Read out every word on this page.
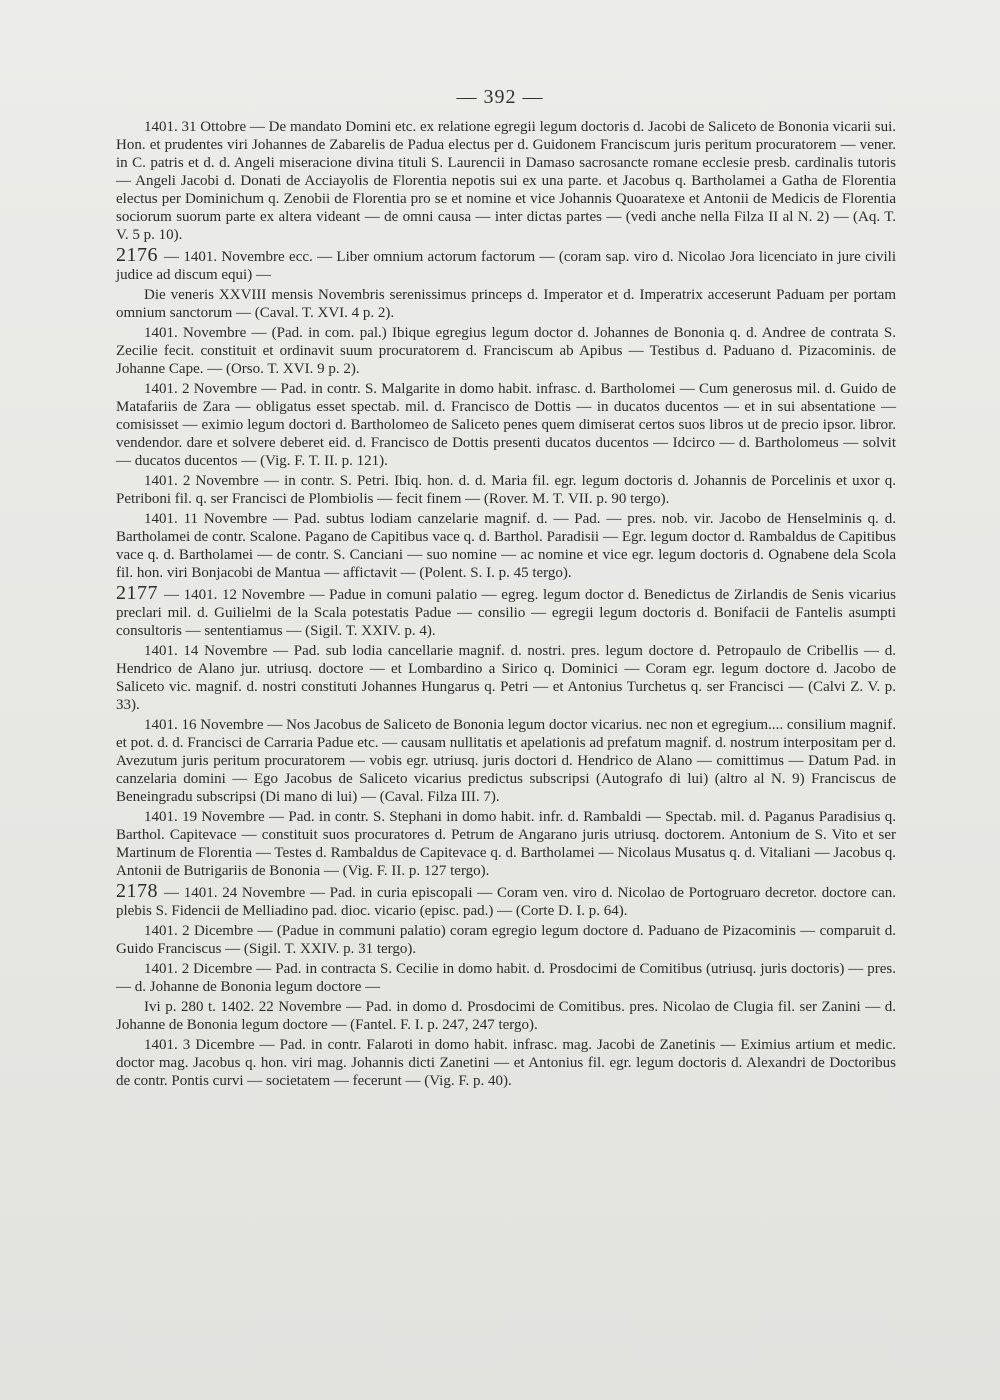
— 392 —

1401. 31 Ottobre — De mandato Domini etc. ex relatione egregii legum doctoris d. Jacobi de Saliceto de Bononia vicarii sui. Hon. et prudentes viri Johannes de Zabarelis de Padua electus per d. Guidonem Franciscum juris peritum procuratorem — vener. in C. patris et d. d. Angeli miseracione divina tituli S. Laurencii in Damaso sacrosancte romane ecclesie presb. cardinalis tutoris — Angeli Jacobi d. Donati de Acciayolis de Florentia nepotis sui ex una parte. et Jacobus q. Bartholamei a Gatha de Florentia electus per Dominichum q. Zenobii de Florentia pro se et nomine et vice Johannis Quoaratexe et Antonii de Medicis de Florentia sociorum suorum parte ex altera videant — de omni causa — inter dictas partes — (vedi anche nella Filza II al N. 2) — (Aq. T. V. 5 p. 10).

2176 — 1401. Novembre ecc. — Liber omnium actorum factorum — (coram sap. viro d. Nicolao Jora licenciato in jure civili judice ad discum equi) —

Die veneris XXVIII mensis Novembris serenissimus princeps d. Imperator et d. Imperatrix acceserunt Paduam per portam omnium sanctorum — (Caval. T. XVI. 4 p. 2).

1401. Novembre — (Pad. in com. pal.) Ibique egregius legum doctor d. Johannes de Bononia q. d. Andree de contrata S. Zecilie fecit. constituit et ordinavit suum procuratorem d. Franciscum ab Apibus — Testibus d. Paduano d. Pizacominis. de Johanne Cape. — (Orso. T. XVI. 9 p. 2).

1401. 2 Novembre — Pad. in contr. S. Malgarite in domo habit. infrasc. d. Bartholomei — Cum generosus mil. d. Guido de Matafariis de Zara — obligatus esset spectab. mil. d. Francisco de Dottis — in ducatos ducentos — et in sui absentatione — comisisset — eximio legum doctori d. Bartholomeo de Saliceto penes quem dimiserat certos suos libros ut de precio ipsor. libror. vendendor. dare et solvere deberet eid. d. Francisco de Dottis presenti ducatos ducentos — Idcirco — d. Bartholomeus — solvit — ducatos ducentos — (Vig. F. T. II. p. 121).

1401. 2 Novembre — in contr. S. Petri. Ibiq. hon. d. d. Maria fil. egr. legum doctoris d. Johannis de Porcelinis et uxor q. Petriboni fil. q. ser Francisci de Plombiolis — fecit finem — (Rover. M. T. VII. p. 90 tergo).

1401. 11 Novembre — Pad. subtus lodiam canzelarie magnif. d. — Pad. — pres. nob. vir. Jacobo de Henselminis q. d. Bartholamei de contr. Scalone. Pagano de Capitibus vace q. d. Barthol. Paradisii — Egr. legum doctor d. Rambaldus de Capitibus vace q. d. Bartholamei — de contr. S. Canciani — suo nomine — ac nomine et vice egr. legum doctoris d. Ognabene dela Scola fil. hon. viri Bonjacobi de Mantua — affictavit — (Polent. S. I. p. 45 tergo).

2177 — 1401. 12 Novembre — Padue in comuni palatio — egreg. legum doctor d. Benedictus de Zirlandis de Senis vicarius preclari mil. d. Guilielmi de la Scala potestatis Padue — consilio — egregii legum doctoris d. Bonifacii de Fantelis asumpti consultoris — sententiamus — (Sigil. T. XXIV. p. 4).

1401. 14 Novembre — Pad. sub lodia cancellarie magnif. d. nostri. pres. legum doctore d. Petropaulo de Cribellis — d. Hendrico de Alano jur. utriusq. doctore — et Lombardino a Sirico q. Dominici — Coram egr. legum doctore d. Jacobo de Saliceto vic. magnif. d. nostri constituti Johannes Hungarus q. Petri — et Antonius Turchetus q. ser Francisci — (Calvi Z. V. p. 33).

1401. 16 Novembre — Nos Jacobus de Saliceto de Bononia legum doctor vicarius. nec non et egregium.... consilium magnif. et pot. d. d. Francisci de Carraria Padue etc. — causam nullitatis et apelationis ad prefatum magnif. d. nostrum interpositam per d. Avezutum juris peritum procuratorem — vobis egr. utriusq. juris doctori d. Hendrico de Alano — comittimus — Datum Pad. in canzelaria domini — Ego Jacobus de Saliceto vicarius predictus subscripsi (Autografo di lui) (altro al N. 9) Franciscus de Beneingradu subscripsi (Di mano di lui) — (Caval. Filza III. 7).

1401. 19 Novembre — Pad. in contr. S. Stephani in domo habit. infr. d. Rambaldi — Spectab. mil. d. Paganus Paradisius q. Barthol. Capitevace — constituit suos procuratores d. Petrum de Angarano juris utriusq. doctorem. Antonium de S. Vito et ser Martinum de Florentia — Testes d. Rambaldus de Capitevace q. d. Bartholamei — Nicolaus Musatus q. d. Vitaliani — Jacobus q. Antonii de Butrigariis de Bononia — (Vig. F. II. p. 127 tergo).

2178 — 1401. 24 Novembre — Pad. in curia episcopali — Coram ven. viro d. Nicolao de Portogruaro decretor. doctore can. plebis S. Fidencii de Melliadino pad. dioc. vicario (episc. pad.) — (Corte D. I. p. 64).

1401. 2 Dicembre — (Padue in communi palatio) coram egregio legum doctore d. Paduano de Pizacominis — comparuit d. Guido Franciscus — (Sigil. T. XXIV. p. 31 tergo).

1401. 2 Dicembre — Pad. in contracta S. Cecilie in domo habit. d. Prosdocimi de Comitibus (utriusq. juris doctoris) — pres. — d. Johanne de Bononia legum doctore —

Ivi p. 280 t. 1402. 22 Novembre — Pad. in domo d. Prosdocimi de Comitibus. pres. Nicolao de Clugia fil. ser Zanini — d. Johanne de Bononia legum doctore — (Fantel. F. I. p. 247, 247 tergo).

1401. 3 Dicembre — Pad. in contr. Falaroti in domo habit. infrasc. mag. Jacobi de Zanetinis — Eximius artium et medic. doctor mag. Jacobus q. hon. viri mag. Johannis dicti Zanetini — et Antonius fil. egr. legum doctoris d. Alexandri de Doctoribus de contr. Pontis curvi — societatem — fecerunt — (Vig. F. p. 40).
